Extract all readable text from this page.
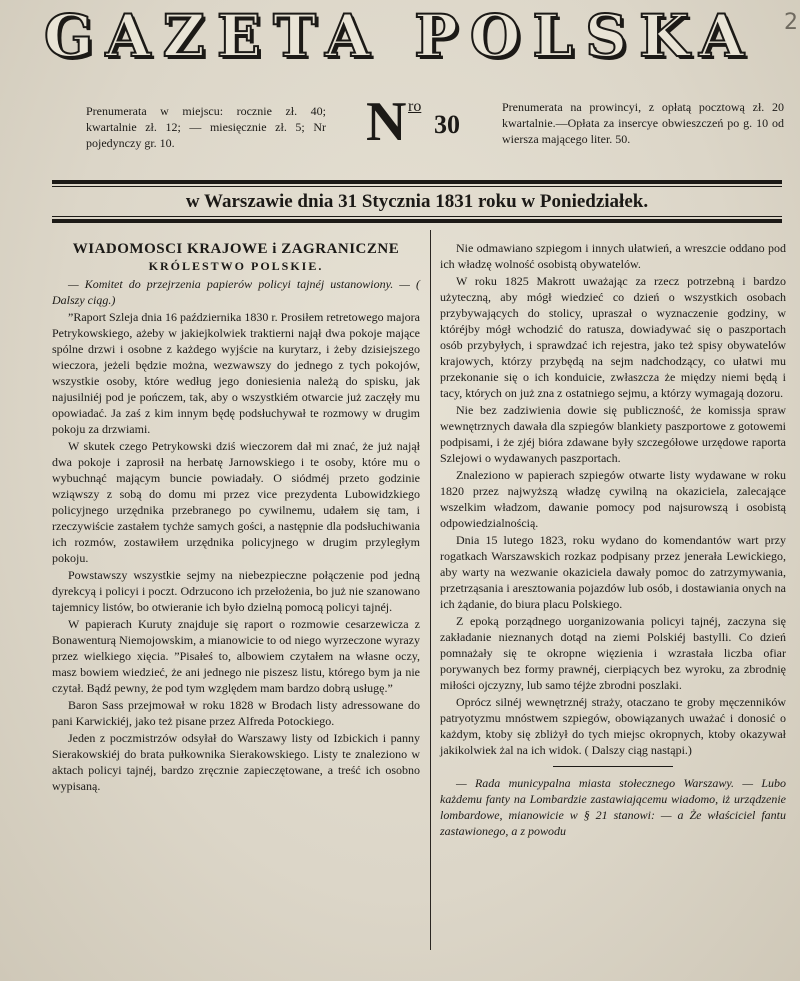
GAZETA POLSKA	2
Prenumerata w miejscu: rocznie zł. 40; kwartalnie zł. 12; — miesięcznie zł. 5; Nr pojedynczy gr. 10.	N ro
30
Prenumerata na prowincyi, z opłatą pocztową zł. 20 kwartalnie.—Opłata za insercye obwieszczeń po g. 10 od wiersza mającego liter. 50.
w Warszawie dnia 31 Stycznia 1831 roku w Poniedziałek.
WIADOMOSCI KRAJOWE i ZAGRANICZNE
KRÓLESTWO POLSKIE.

— Komitet do przejrzenia papierów policyi tajnéj ustanowiony. — ( Dalszy ciąg.)

”Raport Szleja dnia 16 października 1830 r. Prosiłem retretowego majora Petrykowskiego, ażeby w jakiejkolwiek traktierni najął dwa pokoje mające spólne drzwi i osobne z każdego wyjście na kurytarz, i żeby dzisiejszego wieczora, jeżeli będzie można, wezwawszy do jednego z tych pokojów, wszystkie osoby, które według jego doniesienia należą do spisku, jak najusilniéj pod je pończem, tak, aby o wszystkiém otwarcie już zaczęły mu opowiadać. Ja zaś z kim innym będę podsłuchywał te rozmowy w drugim pokoju za drzwiami.

W skutek czego Petrykowski dziś wieczorem dał mi znać, że już najął dwa pokoje i zaprosił na herbatę Jarnowskiego i te osoby, które mu o wybuchnąć mającym buncie powiadały. O siódméj przeto godzinie wziąwszy z sobą do domu mi przez vice prezydenta Lubowidzkiego policyjnego urzędnika przebranego po cywilnemu, udałem się tam, i rzeczywiście zastałem tychże samych gości, a następnie dla podsłuchiwania ich rozmów, zostawiłem urzędnika policyjnego w drugim przyległym pokoju.

Powstawszy wszystkie sejmy na niebezpieczne połączenie pod jedną dyrekcyą i policyi i poczt. Odrzucono ich przełożenia, bo już nie szanowano tajemnicy listów, bo otwieranie ich było dzielną pomocą policyi tajnéj.

W papierach Kuruty znajduje się raport o rozmowie cesarzewicza z Bonawenturą Niemojowskim, a mianowicie to od niego wyrzeczone wyrazy przez wielkiego xięcia. ”Pisałeś to, albowiem czytałem na własne oczy, masz bowiem wiedzieć, że ani jednego nie piszesz listu, którego bym ja nie czytał. Bądź pewny, że pod tym względem mam bardzo dobrą usługę.”

Baron Sass przejmował w roku 1828 w Brodach listy adressowane do pani Karwickiéj, jako też pisane przez Alfreda Potockiego.

Jeden z poczmistrzów odsyłał do Warszawy listy od Izbickich i panny Sierakowskiéj do brata pułkownika Sierakowskiego. Listy te znaleziono w aktach policyi tajnéj, bardzo zręcznie zapieczętowane, a treść ich osobno wypisaną.

Nie odmawiano szpiegom i innych ułatwień, a wreszcie oddano pod ich władzę wolność osobistą obywatelów.

W roku 1825 Makrott uważając za rzecz potrzebną i bardzo użyteczną, aby mógł wiedzieć co dzień o wszystkich osobach przybywających do stolicy, upraszał o wyznaczenie godziny, w któréjby mógł wchodzić do ratusza, dowiadywać się o paszportach osób przybyłych, i sprawdzać ich rejestra, jako też spisy obywatelów krajowych, którzy przybędą na sejm nadchodzący, co ułatwi mu przekonanie się o ich konduicie, zwłaszcza że między niemi będą i tacy, których on już zna z ostatniego sejmu, a którzy wymagają dozoru.

Nie bez zadziwienia dowie się publiczność, że komissja spraw wewnętrznych dawała dla szpiegów blankiety paszportowe z gotowemi podpisami, i że zjéj bióra zdawane były szczegółowe urzędowe raporta Szlejowi o wydawanych paszportach.

Znaleziono w papierach szpiegów otwarte listy wydawane w roku 1820 przez najwyższą władzę cywilną na okaziciela, zalecające wszelkim władzom, dawanie pomocy pod najsurowszą i osobistą odpowiedzialnością.

Dnia 15 lutego 1823, roku wydano do komendantów wart przy rogatkach Warszawskich rozkaz podpisany przez jenerała Lewickiego, aby warty na wezwanie okaziciela dawały pomoc do zatrzymywania, przetrząsania i aresztowania pojazdów lub osób, i dostawiania onych na ich żądanie, do biura placu Polskiego.

Z epoką porządnego uorganizowania policyi tajnéj, zaczyna się zakładanie nieznanych dotąd na ziemi Polskiéj bastylli. Co dzień pomnażały się te okropne więzienia i wzrastała liczba ofiar porywanych bez formy prawnéj, cierpiących bez wyroku, za zbrodnię miłości ojczyzny, lub samo téjże zbrodni poszlaki.

Oprócz silnéj wewnętrznéj straży, otaczano te groby męczenników patryotyzmu mnóstwem szpiegów, obowiązanych uważać i donosić o każdym, ktoby się zbliżył do tych miejsc okropnych, ktoby okazywał jakikolwiek żal na ich widok. ( Dalszy ciąg nastąpi.)

— Rada municypalna miasta stołecznego Warszawy. — Lubo każdemu fanty na Lombardzie zastawiającemu wiadomo, iż urządzenie lombardowe, mianowicie w § 21 stanowi: — a Że właściciel fantu zastawionego, a z powodu
